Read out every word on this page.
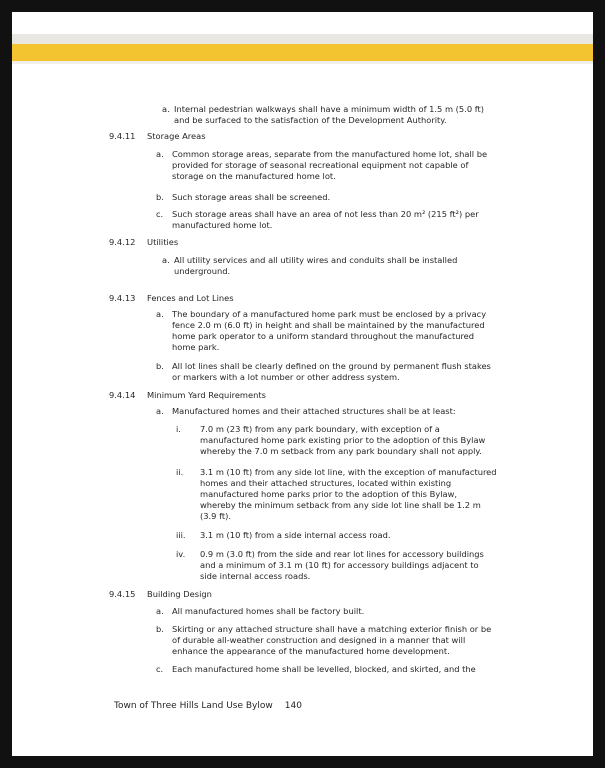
a. Internal pedestrian walkways shall have a minimum width of 1.5 m (5.0 ft)

and be surfaced to the satisfaction of the Development Authority.

9.4.11 Storage Areas
a. Common storage areas, separate from the manufactured home lot, shall be

provided for storage of seasonal recreational equipment not capable of

storage on the manufactured home lot.

b. Such storage areas shall be screened.

c. Such storage areas shall have an area of not less than 20 m² (215 ft²) per

manufactured home lot.

9.4.12 Utilities
a. All utility services and all utility wires and conduits shall be installed

underground.

9.4.13 Fences and Lot Lines
a. The boundary of a manufactured home park must be enclosed by a privacy

fence 2.0 m (6.0 ft) in height and shall be maintained by the manufactured

home park operator to a uniform standard throughout the manufactured

home park.

b. All lot lines shall be clearly defined on the ground by permanent flush stakes

or markers with a lot number or other address system.

9.4.14 Minimum Yard Requirements
a. Manufactured homes and their attached structures shall be at least:

i. 7.0 m (23 ft) from any park boundary, with exception of a

manufactured home park existing prior to the adoption of this Bylaw

whereby the 7.0 m setback from any park boundary shall not apply.

ii. 3.1 m (10 ft) from any side lot line, with the exception of manufactured

homes and their attached structures, located within existing

manufactured home parks prior to the adoption of this Bylaw,

whereby the minimum setback from any side lot line shall be 1.2 m

(3.9 ft).

iii. 3.1 m (10 ft) from a side internal access road.

iv. 0.9 m (3.0 ft) from the side and rear lot lines for accessory buildings

and a minimum of 3.1 m (10 ft) for accessory buildings adjacent to

side internal access roads.

9.4.15 Building Design
a. All manufactured homes shall be factory built.

b. Skirting or any attached structure shall have a matching exterior finish or be

of durable all-weather construction and designed in a manner that will

enhance the appearance of the manufactured home development.

c. Each manufactured home shall be levelled, blocked, and skirted, and the

Town of Three Hills Land Use Bylow 140
